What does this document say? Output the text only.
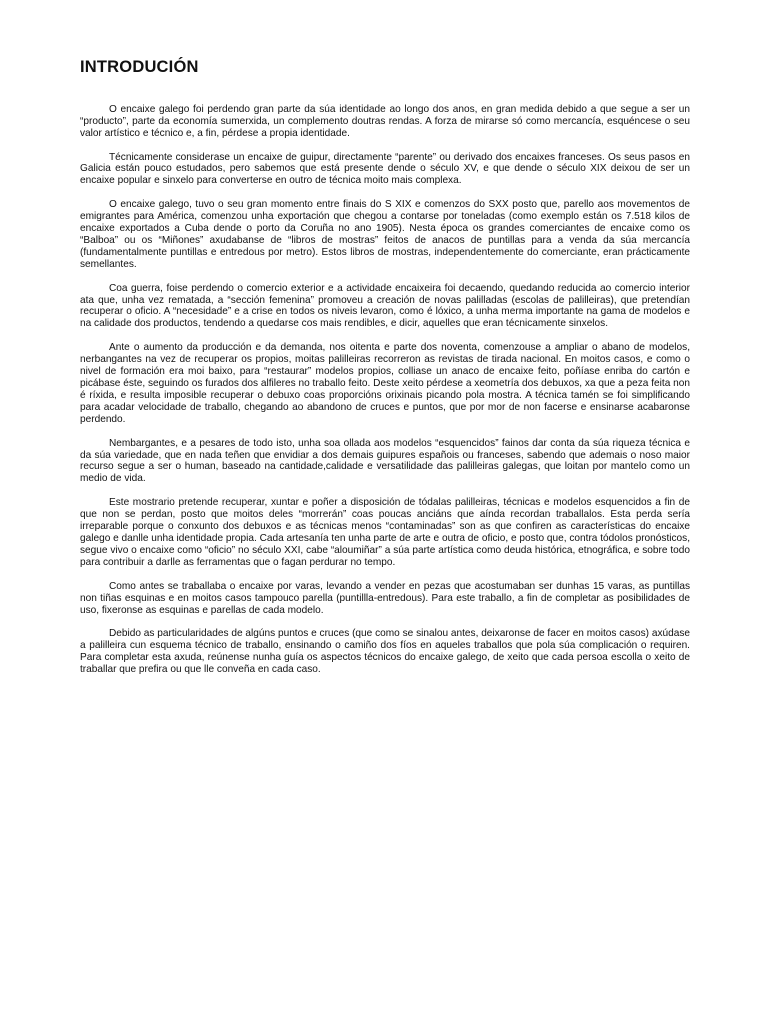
INTRODUCIÓN

O encaixe galego foi perdendo gran parte da súa identidade ao longo dos anos, en gran medida debido a que segue a ser un “producto”, parte da economía sumerxida, un complemento doutras rendas. A forza de mirarse só como mercancía, esquéncese o seu valor artístico e técnico e, a fin, pérdese a propia identidade.

Técnicamente considerase un encaixe de guipur, directamente “parente” ou derivado dos encaixes franceses. Os seus pasos en Galicia están pouco estudados, pero sabemos que está presente dende o século XV, e que dende o século XIX deixou de ser un encaixe popular e sinxelo para converterse en outro de técnica moito mais complexa.

O encaixe galego, tuvo o seu gran momento entre finais do S XIX e comenzos do SXX posto que, parello aos movementos de emigrantes para América, comenzou unha exportación que chegou a contarse por toneladas (como exemplo están os 7.518 kilos de encaixe exportados a Cuba dende o porto da Coruña no ano 1905). Nesta época os grandes comerciantes de encaixe como os “Balboa” ou os “Miñones” axudabanse de “libros de mostras” feitos de anacos de puntillas para a venda da súa mercancía (fundamentalmente puntillas e entredous por metro). Estos libros de mostras, independentemente do comerciante, eran prácticamente semellantes.

Coa guerra, foise perdendo o comercio exterior e a actividade encaixeira foi decaendo, quedando reducida ao comercio interior ata que, unha vez rematada, a “sección femenina” promoveu a creación de novas palilladas (escolas de palilleiras), que pretendían recuperar o oficio. A “necesidade” e a crise en todos os niveis levaron, como é lóxico, a unha merma importante na gama de modelos e na calidade dos productos, tendendo a quedarse cos mais rendibles, e dicir, aquelles que eran técnicamente sinxelos.

Ante o aumento da producción e da demanda, nos oitenta e parte dos noventa, comenzouse a ampliar o abano de modelos, nerbangantes na vez de recuperar os propios, moitas palilleiras recorreron as revistas de tirada nacional. En moitos casos, e como o nivel de formación era moi baixo, para “restaurar” modelos propios, colliase un anaco de encaixe feito, poñíase enriba do cartón e picábase éste, seguindo os furados dos alfileres no traballo feito. Deste xeito pérdese a xeometría dos debuxos, xa que a peza feita non é ríxida, e resulta imposible recuperar o debuxo coas proporcións orixinais picando pola mostra. A técnica tamén se foi simplificando para acadar velocidade de traballo, chegando ao abandono de cruces e puntos, que por mor de non facerse e ensinarse acabaronse perdendo.

Nembargantes, e a pesares de todo isto, unha soa ollada aos modelos “esquencidos” fainos dar conta da súa riqueza técnica e da súa variedade, que en nada teñen que envidiar a dos demais guipures españois ou franceses, sabendo que ademais o noso maior recurso segue a ser o human, baseado na cantidade,calidade e versatilidade das palilleiras galegas, que loitan por mantelo como un medio de vida.

Este mostrario pretende recuperar, xuntar e poñer a disposición de tódalas palilleiras, técnicas e modelos esquencidos a fin de que non se perdan, posto que moitos deles “morrerán” coas poucas anciáns que aínda recordan traballalos. Esta perda sería irreparable porque o conxunto dos debuxos e as técnicas menos “contaminadas” son as que confiren as características do encaixe galego e danlle unha identidade propia. Cada artesanía ten unha parte de arte e outra de oficio, e posto que, contra tódolos pronósticos, segue vivo o encaixe como “oficio” no século XXI, cabe “aloumiñar” a súa parte artística como deuda histórica, etnográfica, e sobre todo para contribuir a darlle as ferramentas que o fagan perdurar no tempo.

Como antes se traballaba o encaixe por varas, levando a vender en pezas que acostumaban ser dunhas 15 varas, as puntillas non tiñas esquinas e en moitos casos tampouco parella (puntillla-entredous). Para este traballo, a fin de completar as posibilidades de uso, fixeronse as esquinas e parellas de cada modelo.

Debido as particularidades de algúns puntos e cruces (que como se sinalou antes, deixaronse de facer en moitos casos) axúdase a palilleira cun esquema técnico de traballo, ensinando o camiño dos fíos en aqueles traballos que pola súa complicación o requiren. Para completar esta axuda, reúnense nunha guía os aspectos técnicos do encaixe galego, de xeito que cada persoa escolla o xeito de traballar que prefira ou que lle conveña en cada caso.
